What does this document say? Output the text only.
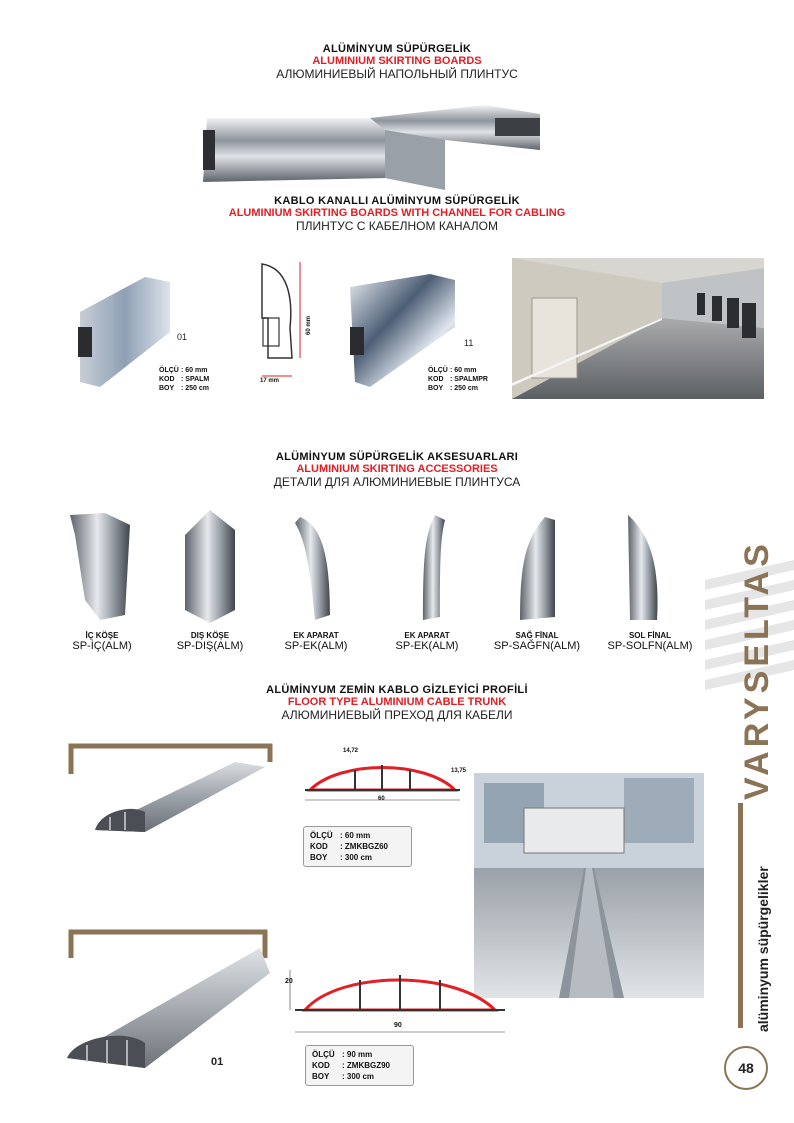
ALÜMİNYUM SÜPÜRGELİK
ALUMINIUM SKIRTING BOARDS
АЛЮМИНИЕВЫЙ НАПОЛЬНЫЙ ПЛИНТУС
KABLO KANALLI ALÜMİNYUM SÜPÜRGELİK
ALUMINIUM SKIRTING BOARDS WITH CHANNEL FOR CABLING
ПЛИНТУС С КАБЕЛНОМ КАНАЛОМ
01
ÖLÇÜ : 60 mm
KOD : SPALM
BOY : 250 cm
60 mm
17 mm
11
ÖLÇÜ : 60 mm
KOD : SPALMPR
BOY : 250 cm
ALÜMİNYUM SÜPÜRGELİK AKSESUARLARI
ALUMINIUM SKIRTING ACCESSORIES
ДЕТАЛИ ДЛЯ АЛЮМИНИЕВЫЕ ПЛИНТУСА
İÇ KÖŞE
SP-İÇ(ALM)
DIŞ KÖŞE
SP-DIŞ(ALM)
EK APARAT
SP-EK(ALM)
EK APARAT
SP-EK(ALM)
SAĞ FİNAL
SP-SAĞFN(ALM)
SOL FİNAL
SP-SOLFN(ALM)
ALÜMİNYUM ZEMİN KABLO GİZLEYİCİ PROFİLİ
FLOOR TYPE ALUMINIUM CABLE TRUNK
АЛЮМИНИЕВЫЙ ПРЕХОД ДЛЯ КАБЕЛИ
14,72
13,75
60
ÖLÇÜ : 60 mm
KOD : ZMKBGZ60
BOY : 300 cm
01
20
90
ÖLÇÜ : 90 mm
KOD : ZMKBGZ90
BOY : 300 cm
VARYSELTAS
alüminyum süpürgelikler
48
